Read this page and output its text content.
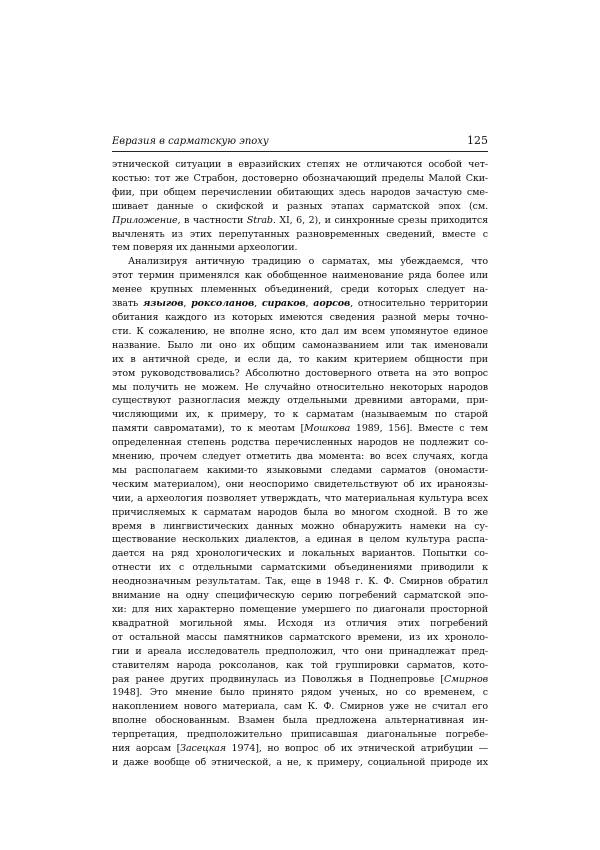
Евразия в сарматскую эпоху	125
этнической ситуации в евразийских степях не отличаются особой чет-
костью: тот же Страбон, достоверно обозначающий пределы Малой Ски-
фии, при общем перечислении обитающих здесь народов зачастую сме-
шивает данные о скифской и разных этапах сарматской эпох (см.
Приложение, в частности Strab. XI, 6, 2), и синхронные срезы приходится
вычленять из этих перепутанных разновременных сведений, вместе с
тем поверяя их данными археологии.
Анализируя античную традицию о сарматах, мы убеждаемся, что
этот термин применялся как обобщенное наименование ряда более или
менее крупных племенных объединений, среди которых следует на-
звать языгов, роксоланов, сираков, аорсов, относительно территории
обитания каждого из которых имеются сведения разной меры точно-
сти. К сожалению, не вполне ясно, кто дал им всем упомянутое единое
название. Было ли оно их общим самоназванием или так именовали
их в античной среде, и если да, то каким критерием общности при
этом руководствовались? Абсолютно достоверного ответа на это вопрос
мы получить не можем. Не случайно относительно некоторых народов
существуют разногласия между отдельными древними авторами, при-
числяющими их, к примеру, то к сарматам (называемым по старой
памяти савроматами), то к меотам [Мошкова 1989, 156]. Вместе с тем
определенная степень родства перечисленных народов не подлежит со-
мнению, прочем следует отметить два момента: во всех случаях, когда
мы располагаем какими-то языковыми следами сарматов (ономасти-
ческим материалом), они неоспоримо свидетельствуют об их ираноязы-
чии, а археология позволяет утверждать, что материальная культура всех
причисляемых к сарматам народов была во многом сходной. В то же
время в лингвистических данных можно обнаружить намеки на су-
ществование нескольких диалектов, а единая в целом культура распа-
дается на ряд хронологических и локальных вариантов. Попытки со-
отнести их с отдельными сарматскими объединениями приводили к
неоднозначным результатам. Так, еще в 1948 г. К. Ф. Смирнов обратил
внимание на одну специфическую серию погребений сарматской эпо-
хи: для них характерно помещение умершего по диагонали просторной
квадратной могильной ямы. Исходя из отличия этих погребений
от остальной массы памятников сарматского времени, из их хроноло-
гии и ареала исследователь предположил, что они принадлежат пред-
ставителям народа роксоланов, как той группировки сарматов, кото-
рая ранее других продвинулась из Поволжья в Поднепровье [Смирнов
1948]. Это мнение было принято рядом ученых, но со временем, с
накоплением нового материала, сам К. Ф. Смирнов уже не считал его
вполне обоснованным. Взамен была предложена альтернативная ин-
терпретация, предположительно приписавшая диагональные погребе-
ния аорсам [Засецкая 1974], но вопрос об их этнической атрибуции —
и даже вообще об этнической, а не, к примеру, социальной природе их
